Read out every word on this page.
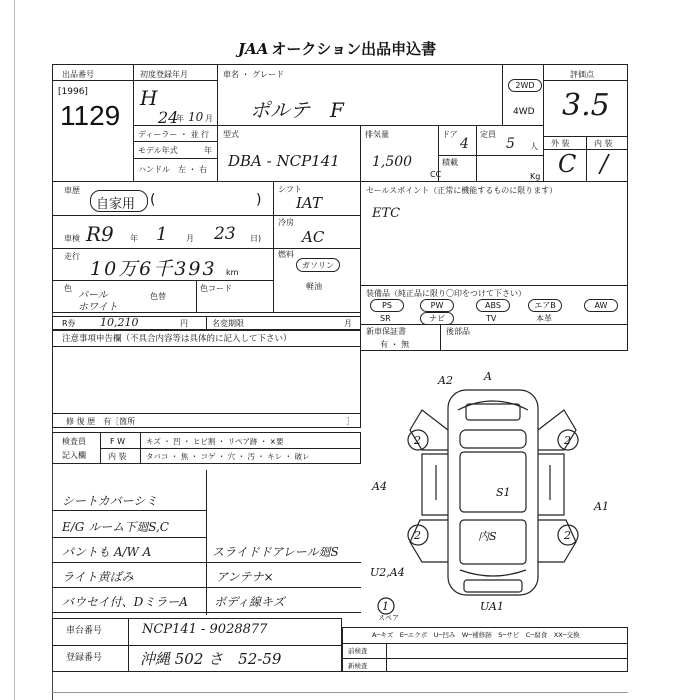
JAA オークション出品申込書
出品番号
[1996]
1129
初度登録年月
H
24
年 10 月
ディーラー ・ 並 行
モデル年式	年
ハンドル　左 ・ 右
車名 ・ グレード
ポルテ　F
2WD
4WD
評価点
3.5
外 装	内 装
C /
型式
DBA - NCP141
排気量
1,500
CC
ドア
4
定員
5 人
積載
Kg
車歴
自家用 (	)
車検 R9 年 1 月 23 日)
走行
10万6千393 km
色
パール
ホワイト
色替
色コード
シフト
IAT
冷房
AC
燃料
ガソリン
軽油
セールスポイント（正常に機能するものに限ります）
ETC
装備品（純正品に限り〇印をつけて下さい）
PS	PW	ABS	エアB	AW
SR	ナビ	TV	本革
新車保証書
有 ・ 無
後部品
R券 10,210	円	名変期限	月
注意事項申告欄（不具合内容等は具体的に記入して下さい）
修 復 歴　有［箇所	］
検査員
記入欄
F W	キズ ・ 凹 ・ ヒビ割 ・ リペア跡 ・ ×要
内 装	タバコ ・ 焦 ・ コゲ ・ 穴 ・ 汚 ・ キレ ・ 破レ
シートカバーシミ
E/G ルーム下廻S,C
パントも A/W A
ライト黄ばみ
バウセイ付、DミラーA
スライドドアレール廻S
アンテナ×
ボディ線キズ
A2	A
A4	S1
A1
内S
U2,A4
UA1
2	2
2	2
1
スペア
車台番号	NCP141 - 9028877
登録番号	沖縄 502 さ　52-59
A─キズ　E─エクボ　U─凹み　W─補修跡　S─サビ　C─腐食　XX─交換
前検査
新検査
